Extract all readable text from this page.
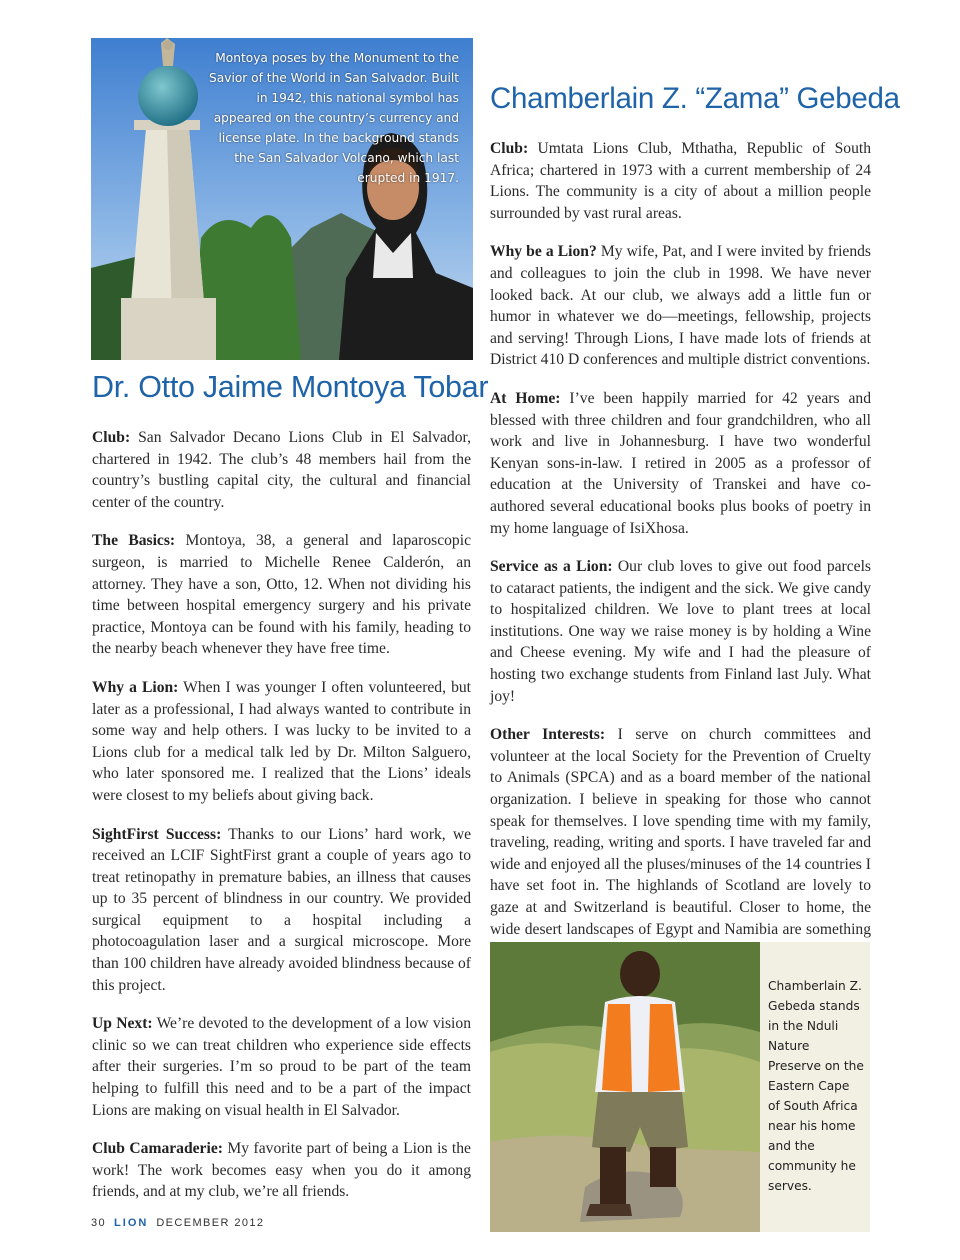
Montoya poses by the Monument to the Savior of the World in San Salvador. Built in 1942, this national symbol has appeared on the country’s currency and license plate. In the background stands the San Salvador Volcano, which last erupted in 1917.
Dr. Otto Jaime Montoya Tobar

Club: San Salvador Decano Lions Club in El Salvador, chartered in 1942. The club’s 48 members hail from the country’s bustling capital city, the cultural and financial center of the country.

The Basics: Montoya, 38, a general and laparoscopic surgeon, is married to Michelle Renee Calderón, an attorney. They have a son, Otto, 12. When not dividing his time between hospital emergency surgery and his private practice, Montoya can be found with his family, heading to the nearby beach whenever they have free time.

Why a Lion: When I was younger I often volunteered, but later as a professional, I had always wanted to contribute in some way and help others. I was lucky to be invited to a Lions club for a medical talk led by Dr. Milton Salguero, who later sponsored me. I realized that the Lions’ ideals were closest to my beliefs about giving back.

SightFirst Success: Thanks to our Lions’ hard work, we received an LCIF SightFirst grant a couple of years ago to treat retinopathy in premature babies, an illness that causes up to 35 percent of blindness in our country. We provided surgical equipment to a hospital including a photocoagulation laser and a surgical microscope. More than 100 children have already avoided blindness because of this project.

Up Next: We’re devoted to the development of a low vision clinic so we can treat children who experience side effects after their surgeries. I’m so proud to be part of the team helping to fulfill this need and to be a part of the impact Lions are making on visual health in El Salvador.

Club Camaraderie: My favorite part of being a Lion is the work! The work becomes easy when you do it among friends, and at my club, we’re all friends.

Chamberlain Z. “Zama” Gebeda

Club: Umtata Lions Club, Mthatha, Republic of South Africa; chartered in 1973 with a current membership of 24 Lions. The community is a city of about a million people surrounded by vast rural areas.

Why be a Lion? My wife, Pat, and I were invited by friends and colleagues to join the club in 1998. We have never looked back. At our club, we always add a little fun or humor in whatever we do—meetings, fellowship, projects and serving! Through Lions, I have made lots of friends at District 410 D conferences and multiple district conventions.

At Home: I’ve been happily married for 42 years and blessed with three children and four grandchildren, who all work and live in Johannesburg. I have two wonderful Kenyan sons-in-law. I retired in 2005 as a professor of education at the University of Transkei and have co-authored several educational books plus books of poetry in my home language of IsiXhosa.

Service as a Lion: Our club loves to give out food parcels to cataract patients, the indigent and the sick. We give candy to hospitalized children. We love to plant trees at local institutions. One way we raise money is by holding a Wine and Cheese evening. My wife and I had the pleasure of hosting two exchange students from Finland last July. What joy!

Other Interests: I serve on church committees and volunteer at the local Society for the Prevention of Cruelty to Animals (SPCA) and as a board member of the national organization. I believe in speaking for those who cannot speak for themselves. I love spending time with my family, traveling, reading, writing and sports. I have traveled far and wide and enjoyed all the pluses/minuses of the 14 countries I have set foot in. The highlands of Scotland are lovely to gaze at and Switzerland is beautiful. Closer to home, the wide desert landscapes of Egypt and Namibia are something

Chamberlain Z. Gebeda stands in the Nduli Nature Preserve on the Eastern Cape of South Africa near his home and the community he serves.
30 LION DECEMBER 2012
